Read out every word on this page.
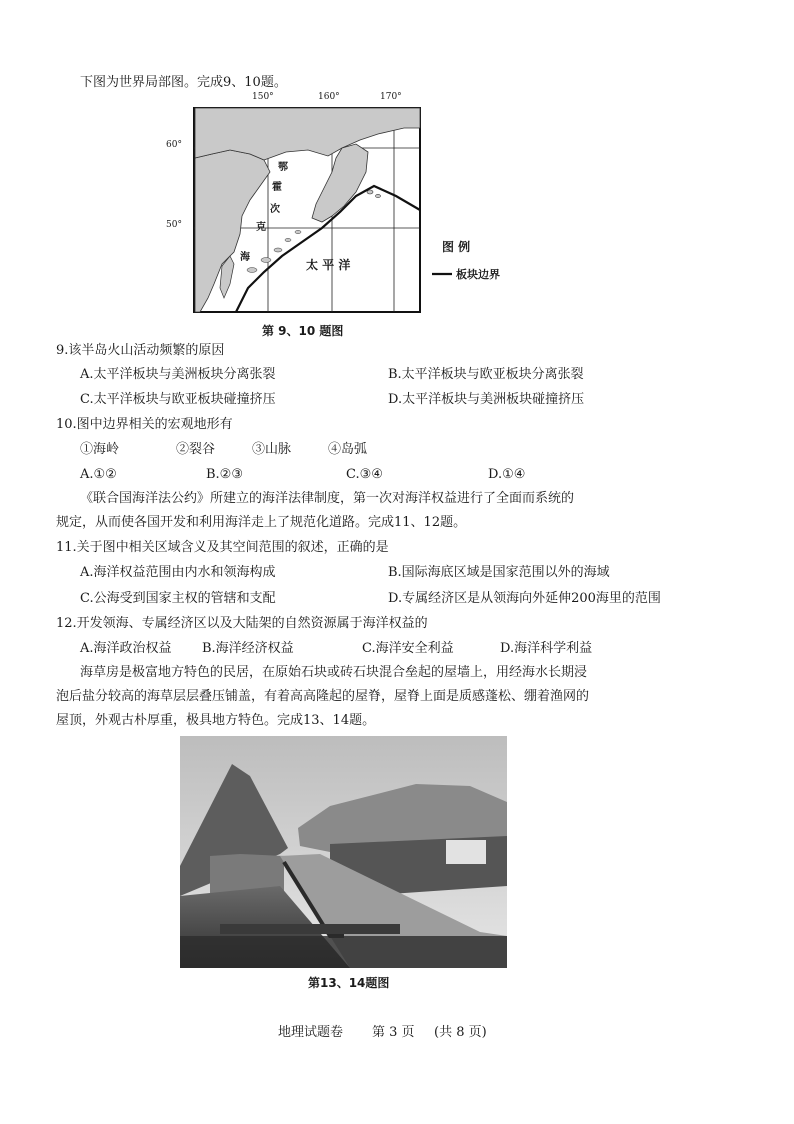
下图为世界局部图。完成9、10题。
150°	160°	170°
60°
50°
鄂
霍
次
克
海
太 平 洋
图 例
板块边界
第 9、10 题图
9.该半岛火山活动频繁的原因
A.太平洋板块与美洲板块分离张裂	B.太平洋板块与欧亚板块分离张裂
C.太平洋板块与欧亚板块碰撞挤压	D.太平洋板块与美洲板块碰撞挤压
10.图中边界相关的宏观地形有
①海岭	②裂谷	③山脉	④岛弧
A.①②	B.②③	C.③④	D.①④
《联合国海洋法公约》所建立的海洋法律制度，第一次对海洋权益进行了全面而系统的
规定，从而使各国开发和利用海洋走上了规范化道路。完成11、12题。
11.关于图中相关区域含义及其空间范围的叙述，正确的是
A.海洋权益范围由内水和领海构成	B.国际海底区域是国家范围以外的海域
C.公海受到国家主权的管辖和支配	D.专属经济区是从领海向外延伸200海里的范围
12.开发领海、专属经济区以及大陆架的自然资源属于海洋权益的
A.海洋政治权益 B.海洋经济权益	C.海洋安全利益	D.海洋科学利益
海草房是极富地方特色的民居，在原始石块或砖石块混合垒起的屋墙上，用经海水长期浸
泡后盐分较高的海草层层叠压铺盖，有着高高隆起的屋脊，屋脊上面是质感蓬松、绷着渔网的
屋顶，外观古朴厚重，极具地方特色。完成13、14题。
第13、14题图
地理试题卷 第 3 页 (共 8 页)
